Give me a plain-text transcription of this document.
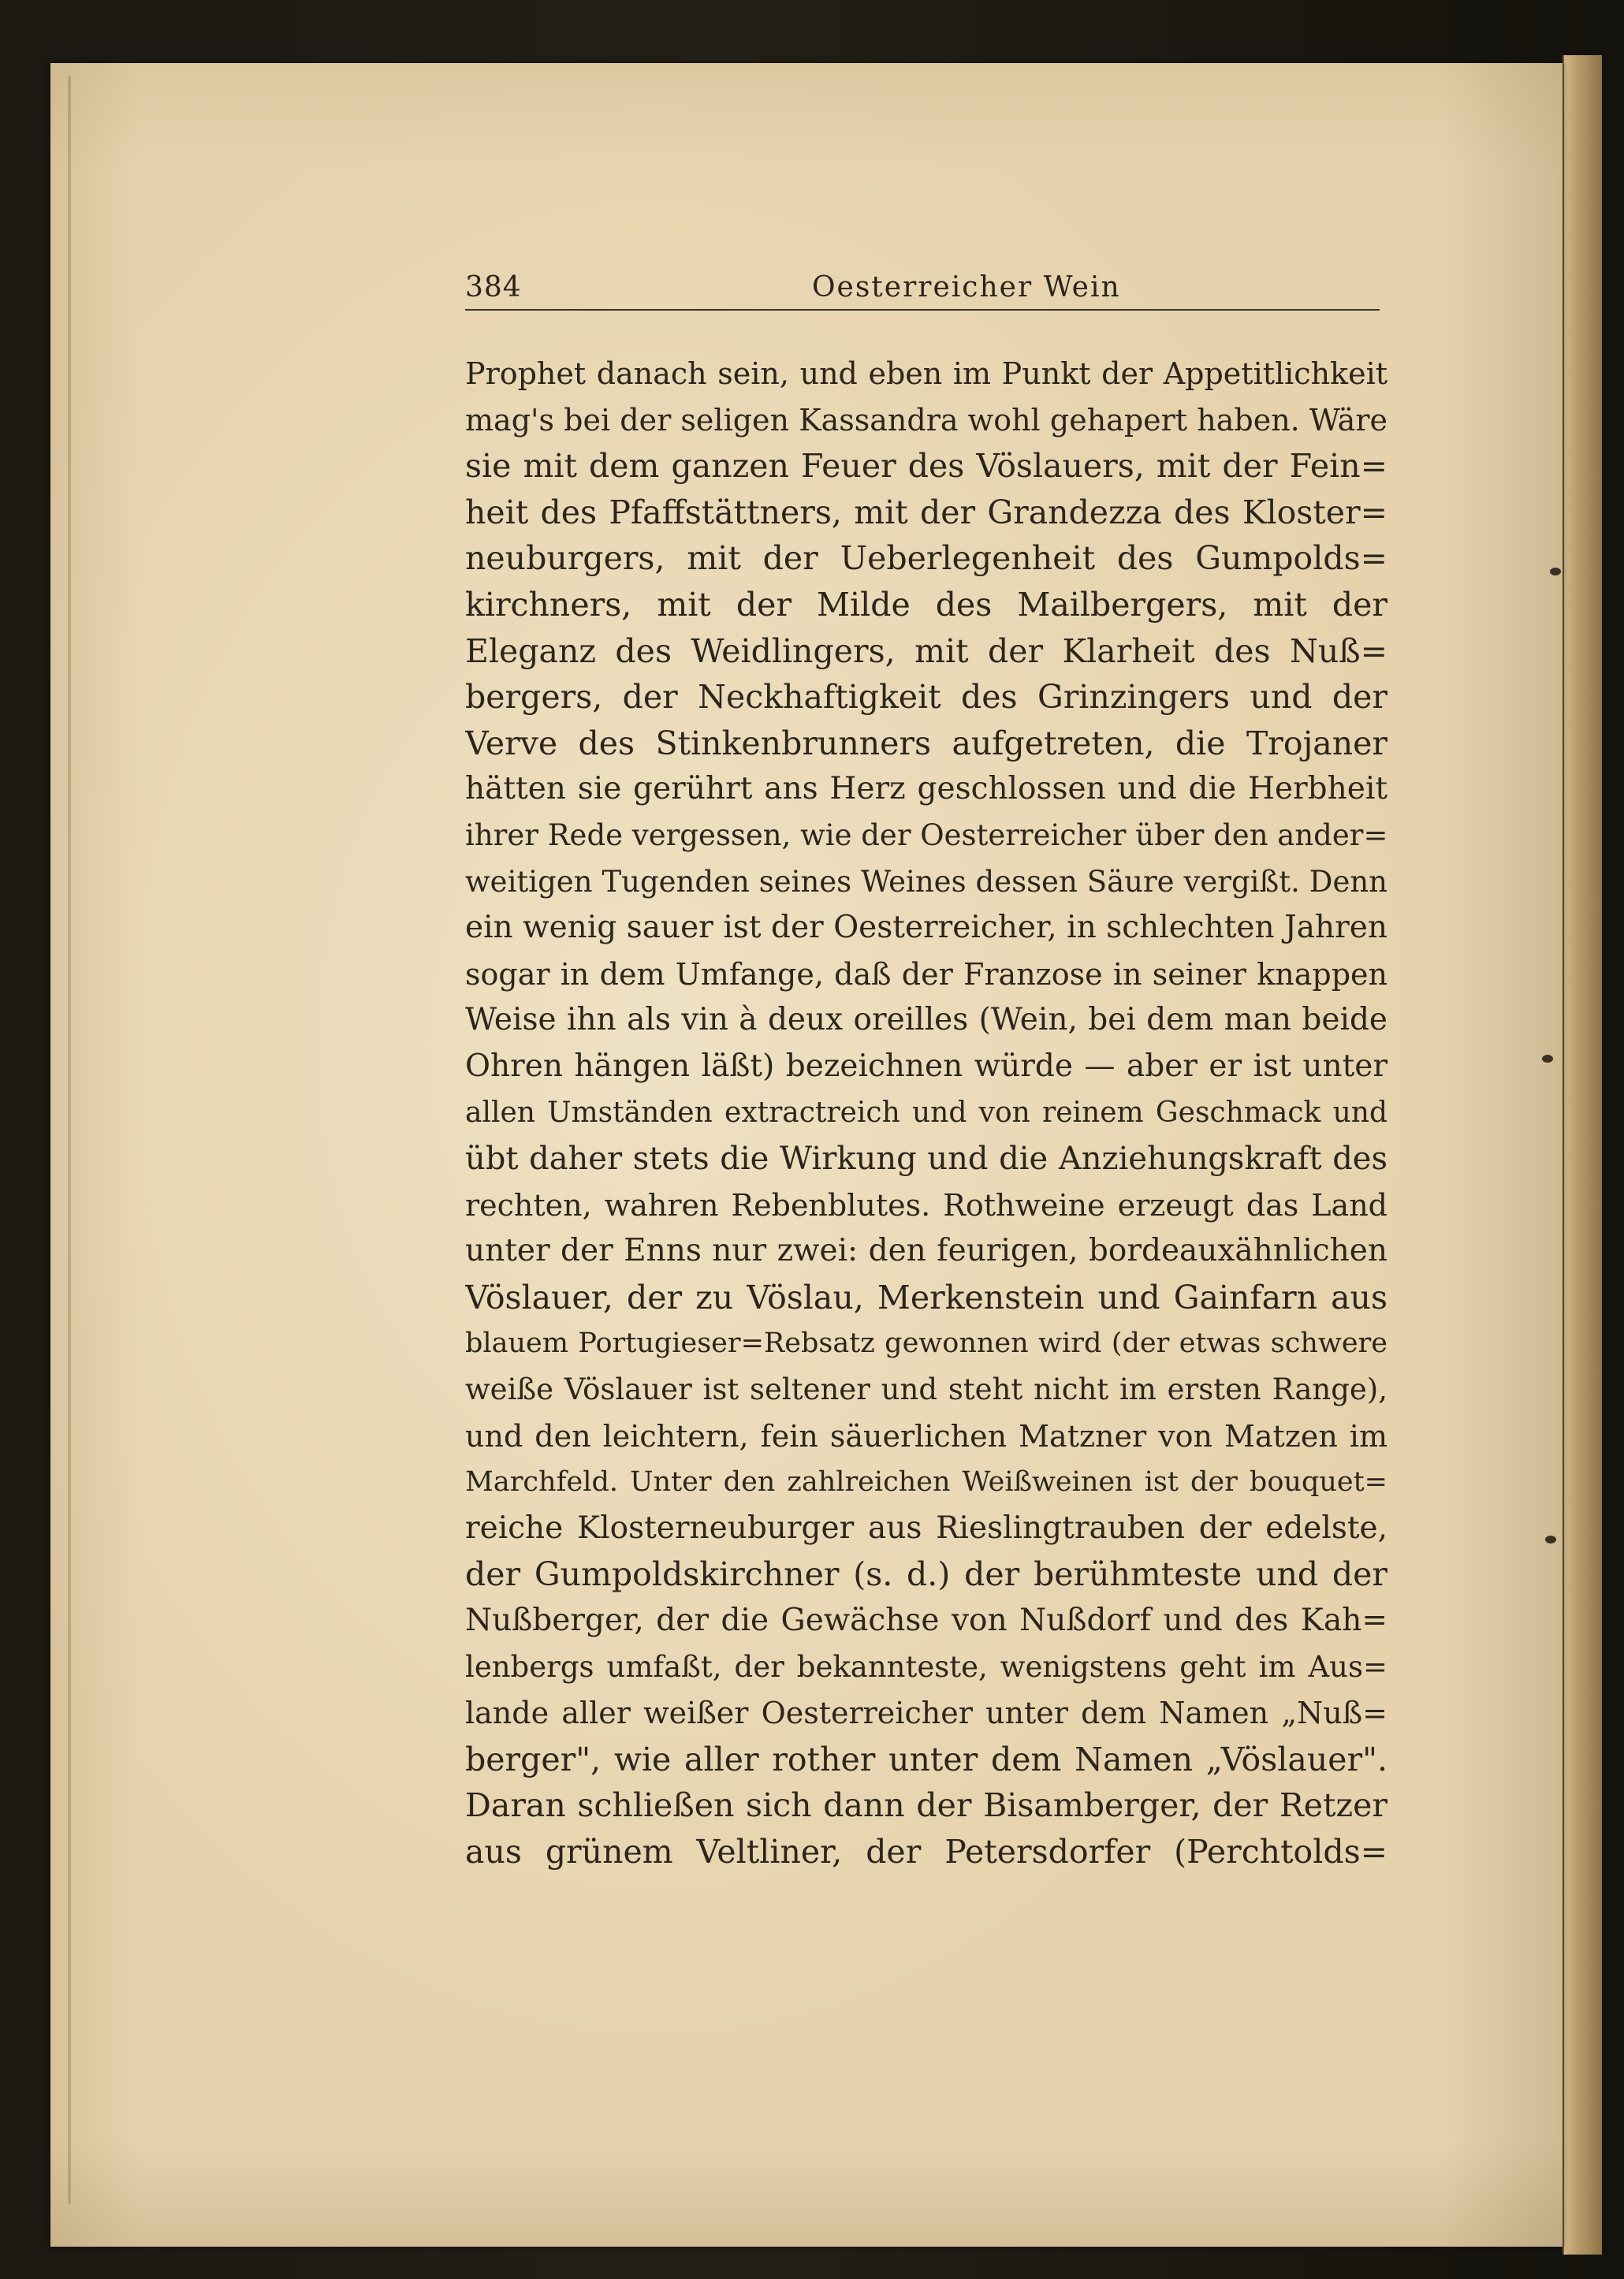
384	Oesterreicher Wein
Prophet danach sein, und eben im Punkt der Appetitlichkeit
mag's bei der seligen Kassandra wohl gehapert haben. Wäre
sie mit dem ganzen Feuer des Vöslauers, mit der Fein=
heit des Pfaffstättners, mit der Grandezza des Kloster=
neuburgers, mit der Ueberlegenheit des Gumpolds=
kirchners, mit der Milde des Mailbergers, mit der
Eleganz des Weidlingers, mit der Klarheit des Nuß=
bergers, der Neckhaftigkeit des Grinzingers und der
Verve des Stinkenbrunners aufgetreten, die Trojaner
hätten sie gerührt ans Herz geschlossen und die Herbheit
ihrer Rede vergessen, wie der Oesterreicher über den ander=
weitigen Tugenden seines Weines dessen Säure vergißt. Denn
ein wenig sauer ist der Oesterreicher, in schlechten Jahren
sogar in dem Umfange, daß der Franzose in seiner knappen
Weise ihn als vin à deux oreilles (Wein, bei dem man beide
Ohren hängen läßt) bezeichnen würde — aber er ist unter
allen Umständen extractreich und von reinem Geschmack und
übt daher stets die Wirkung und die Anziehungskraft des
rechten, wahren Rebenblutes. Rothweine erzeugt das Land
unter der Enns nur zwei: den feurigen, bordeauxähnlichen
Vöslauer, der zu Vöslau, Merkenstein und Gainfarn aus
blauem Portugieser=Rebsatz gewonnen wird (der etwas schwere
weiße Vöslauer ist seltener und steht nicht im ersten Range),
und den leichtern, fein säuerlichen Matzner von Matzen im
Marchfeld. Unter den zahlreichen Weißweinen ist der bouquet=
reiche Klosterneuburger aus Rieslingtrauben der edelste,
der Gumpoldskirchner (s. d.) der berühmteste und der
Nußberger, der die Gewächse von Nußdorf und des Kah=
lenbergs umfaßt, der bekannteste, wenigstens geht im Aus=
lande aller weißer Oesterreicher unter dem Namen „Nuß=
berger", wie aller rother unter dem Namen „Vöslauer".
Daran schließen sich dann der Bisamberger, der Retzer
aus grünem Veltliner, der Petersdorfer (Perchtolds=
